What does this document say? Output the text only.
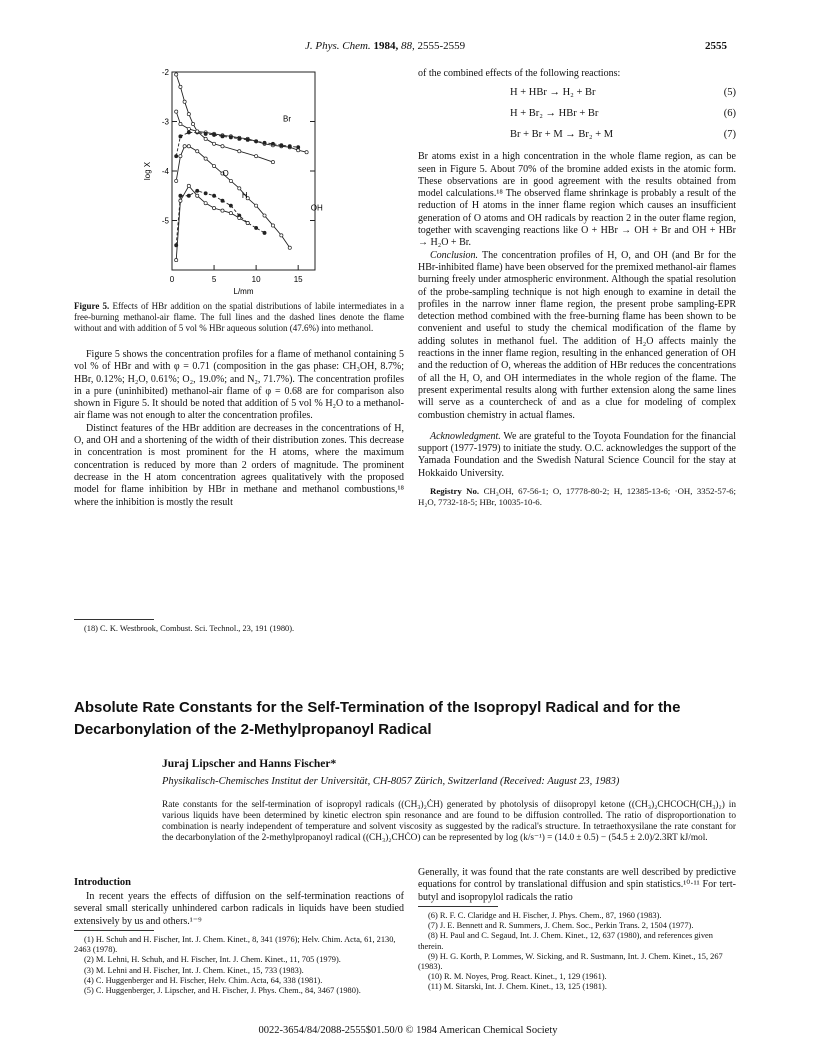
J. Phys. Chem. 1984, 88, 2555-2559	2555
0	5	10	15
-2
-3
-4
-5
L/mm
log X
Br
O
H
OH
Figure 5. Effects of HBr addition on the spatial distributions of labile intermediates in a free-burning methanol-air flame. The full lines and the dashed lines denote the flame without and with addition of 5 vol % HBr aqueous solution (47.6%) into methanol.

Figure 5 shows the concentration profiles for a flame of methanol containing 5 vol % of HBr and with φ = 0.71 (composition in the gas phase: CH₃OH, 8.7%; HBr, 0.12%; H₂O, 0.61%; O₂, 19.0%; and N₂, 71.7%). The concentration profiles in a pure (uninhibited) methanol-air flame of φ = 0.68 are for comparison also shown in Figure 5. It should be noted that addition of 5 vol % H₂O to a methanol-air flame was not enough to alter the concentration profiles.

Distinct features of the HBr addition are decreases in the concentrations of H, O, and OH and a shortening of the width of their distribution zones. This decrease in concentration is most prominent for the H atoms, where the maximum concentration is reduced by more than 2 orders of magnitude. The prominent decrease in the H atom concentration agrees qualitatively with the proposed model for flame inhibition by HBr in methane and methanol combustions,¹⁸ where the inhibition is mostly the result

(18) C. K. Westbrook, Combust. Sci. Technol., 23, 191 (1980).
of the combined effects of the following reactions:
H + HBr → H₂ + Br	(5)
H + Br₂ → HBr + Br	(6)
Br + Br + M → Br₂ + M	(7)

Br atoms exist in a high concentration in the whole flame region, as can be seen in Figure 5. About 70% of the bromine added exists in the atomic form. These observations are in good agreement with the results obtained from model calculations.¹⁸ The observed flame shrinkage is probably a result of the reduction of H atoms in the inner flame region which causes an insufficient generation of O atoms and OH radicals by reaction 2 in the outer flame region, together with scavenging reactions like O + HBr → OH + Br and OH + HBr → H₂O + Br.

Conclusion. The concentration profiles of H, O, and OH (and Br for the HBr-inhibited flame) have been observed for the premixed methanol-air flames burning freely under atmospheric environment. Although the spatial resolution of the probe-sampling technique is not high enough to examine in detail the profiles in the narrow inner flame region, the present probe sampling-EPR detection method combined with the free-burning flame has been shown to be convenient and useful to study the chemical modification of the flame by adding solutes in methanol fuel. The addition of H₂O affects mainly the reactions in the inner flame region, resulting in the enhanced generation of OH and the reduction of O, whereas the addition of HBr reduces the concentrations of all the H, O, and OH intermediates in the whole region of the flame. The present experimental results along with further extension along the same lines will serve as a countercheck of and as a clue for modeling of complex combustion chemistry in actual flames.

Acknowledgment. We are grateful to the Toyota Foundation for the financial support (1977-1979) to initiate the study. O.C. acknowledges the support of the Yamada Foundation and the Swedish Natural Science Council for the stay at Hokkaido University.

Registry No. CH₃OH, 67-56-1; O, 17778-80-2; H, 12385-13-6; ·OH, 3352-57-6; H₂O, 7732-18-5; HBr, 10035-10-6.

Absolute Rate Constants for the Self-Termination of the Isopropyl Radical and for the Decarbonylation of the 2-Methylpropanoyl Radical
Juraj Lipscher and Hanns Fischer*
Physikalisch-Chemisches Institut der Universität, CH-8057 Zürich, Switzerland (Received: August 23, 1983)
Rate constants for the self-termination of isopropyl radicals ((CH₃)₂ĊH) generated by photolysis of diisopropyl ketone ((CH₃)₂CHCOCH(CH₃)₂) in various liquids have been determined by kinetic electron spin resonance and are found to be diffusion controlled. The ratio of disproportionation to combination is nearly independent of temperature and solvent viscosity as suggested by the radical's structure. In tetraethoxysilane the rate constant for the decarbonylation of the 2-methylpropanoyl radical ((CH₃)₂CHĊO) can be represented by log (k/s⁻¹) = (14.0 ± 0.5) − (54.5 ± 2.0)/2.3RT kJ/mol.
Introduction

In recent years the effects of diffusion on the self-termination reactions of several small sterically unhindered carbon radicals in liquids have been studied extensively by us and others.¹⁻⁹

Generally, it was found that the rate constants are well described by predictive equations for control by translational diffusion and spin statistics.¹⁰·¹¹ For tert-butyl and isopropylol radicals the ratio

(1) H. Schuh and H. Fischer, Int. J. Chem. Kinet., 8, 341 (1976); Helv. Chim. Acta, 61, 2130, 2463 (1978).
(2) M. Lehni, H. Schuh, and H. Fischer, Int. J. Chem. Kinet., 11, 705 (1979).
(3) M. Lehni and H. Fischer, Int. J. Chem. Kinet., 15, 733 (1983).
(4) C. Huggenberger and H. Fischer, Helv. Chim. Acta, 64, 338 (1981).
(5) C. Huggenberger, J. Lipscher, and H. Fischer, J. Phys. Chem., 84, 3467 (1980).
(6) R. F. C. Claridge and H. Fischer, J. Phys. Chem., 87, 1960 (1983).
(7) J. E. Bennett and R. Summers, J. Chem. Soc., Perkin Trans. 2, 1504 (1977).
(8) H. Paul and C. Segaud, Int. J. Chem. Kinet., 12, 637 (1980), and references given therein.
(9) H. G. Korth, P. Lommes, W. Sicking, and R. Sustmann, Int. J. Chem. Kinet., 15, 267 (1983).
(10) R. M. Noyes, Prog. React. Kinet., 1, 129 (1961).
(11) M. Sitarski, Int. J. Chem. Kinet., 13, 125 (1981).
0022-3654/84/2088-2555$01.50/0 © 1984 American Chemical Society
